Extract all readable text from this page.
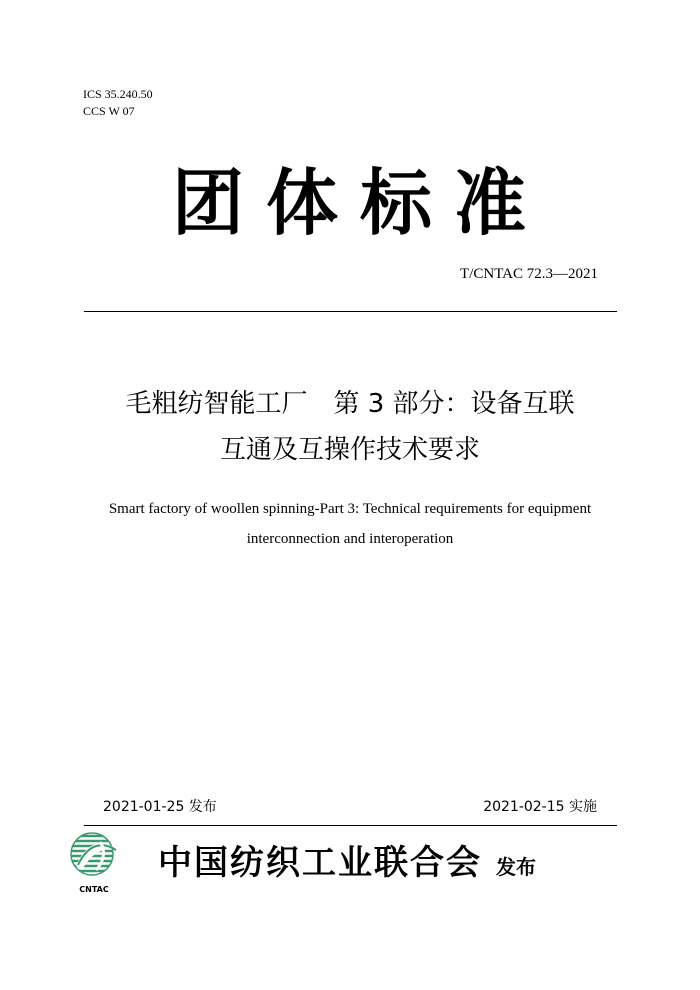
ICS 35.240.50
CCS W 07
团体标准
T/CNTAC 72.3—2021
毛粗纺智能工厂　第 3 部分：设备互联
互通及互操作技术要求
Smart factory of woollen spinning-Part 3: Technical requirements for equipment
interconnection and interoperation
2021-01-25 发布	2021-02-15 实施
CNTAC
中国纺织工业联合会 发布
